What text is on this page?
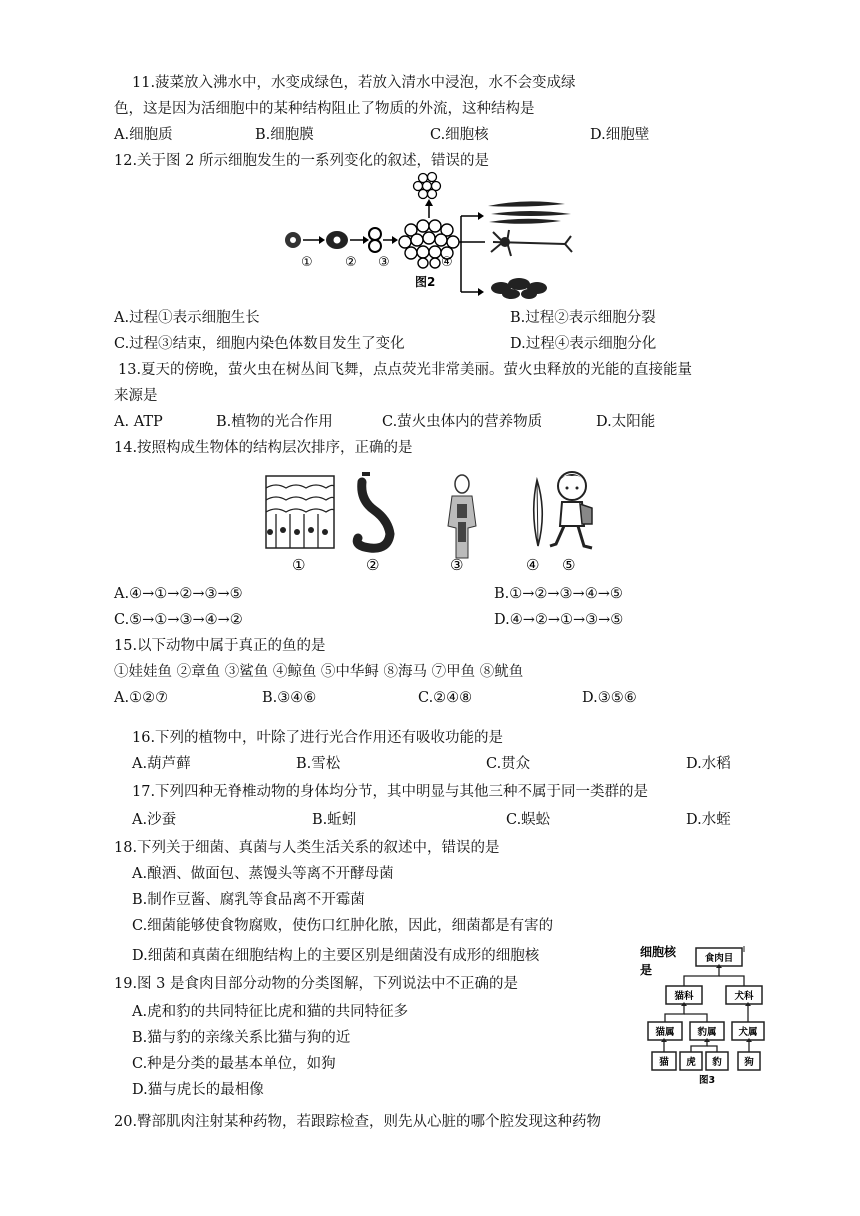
11.菠菜放入沸水中，水变成绿色，若放入清水中浸泡，水不会变成绿
色，这是因为活细胞中的某种结构阻止了物质的外流，这种结构是
A.细胞质	B.细胞膜	C.细胞核	D.细胞壁
12.关于图 2 所示细胞发生的一系列变化的叙述，错误的是
① ② ③	④
图2
A.过程①表示细胞生长	B.过程②表示细胞分裂
C.过程③结束，细胞内染色体数目发生了变化	D.过程④表示细胞分化
13.夏天的傍晚，萤火虫在树丛间飞舞，点点荧光非常美丽。萤火虫释放的光能的直接能量
来源是
A. ATP	B.植物的光合作用	C.萤火虫体内的营养物质	D.太阳能
14.按照构成生物体的结构层次排序，正确的是
①	②	③	④ ⑤
A.④→①→②→③→⑤	B.①→②→③→④→⑤
C.⑤→①→③→④→②	D.④→②→①→③→⑤
15.以下动物中属于真正的鱼的是
①娃娃鱼 ②章鱼 ③鲨鱼 ④鲸鱼 ⑤中华鲟 ⑧海马 ⑦甲鱼 ⑧鱿鱼
A.①②⑦	B.③④⑥	C.②④⑧	D.③⑤⑥
16.下列的植物中，叶除了进行光合作用还有吸收功能的是
A.葫芦藓	B.雪松	C.贯众	D.水稻
17.下列四种无脊椎动物的身体均分节，其中明显与其他三种不属于同一类群的是
A.沙蚕	B.蚯蚓	C.蜈蚣	D.水蛭
18.下列关于细菌、真菌与人类生活关系的叙述中，错误的是
A.酿酒、做面包、蒸馒头等离不开酵母菌
B.制作豆酱、腐乳等食品离不开霉菌
C.细菌能够使食物腐败，使伤口红肿化脓，因此，细菌都是有害的
D.细菌和真菌在细胞结构上的主要区别是细菌没有成形的细胞核
19.图 3 是食肉目部分动物的分类图解，下列说法中不正确的是
A.虎和豹的共同特征比虎和猫的共同特征多
B.猫与豹的亲缘关系比猫与狗的近
C.种是分类的最基本单位，如狗
D.猫与虎长的最相像
细胞核
是
食肉目
猫科	犬科
猫属 豹属 犬属
猫 虎 豹 狗
图3
20.臀部肌肉注射某种药物，若跟踪检查，则先从心脏的哪个腔发现这种药物
